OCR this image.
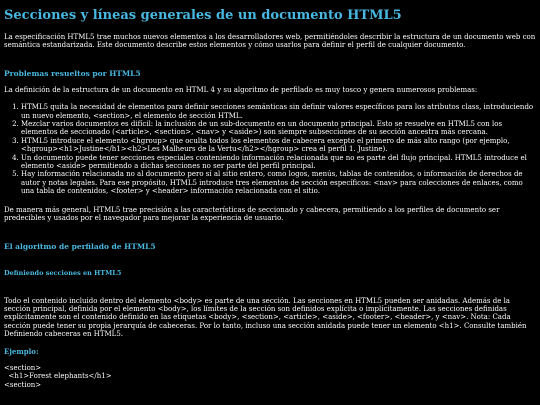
Secciones y líneas generales de un documento HTML5

La especificación HTML5 trae muchos nuevos elementos a los desarrolladores web, permitiéndoles describir la estructura de un documento web con semántica estandarizada. Este documento describe estos elementos y cómo usarlos para definir el perfil de cualquier documento.

Problemas resueltos por HTML5

La definición de la estructura de un documento en HTML 4 y su algoritmo de perfilado es muy tosco y genera numerosos problemas:

1. HTML5 quita la necesidad de elementos para definir secciones semánticas sin definir valores específicos para los atributos class, introduciendo un nuevo elemento, <section>, el elemento de sección HTML.
2. Mezclar varios documentos es difícil: la inclusión de un sub-documento en un documento principal. Esto se resuelve en HTML5 con los elementos de seccionado (<article>, <section>, <nav> y <aside>) son siempre subsecciones de su sección ancestra más cercana.
3. HTML5 introduce el elemento <hgroup> que oculta todos los elementos de cabecera excepto el primero de más alto rango (por ejemplo, <hgroup><h1>Justine</h1><h2>Les Malheurs de la Vertu</h2></hgroup> crea el perfil 1. Justine).
4. Un documento puede tener secciones especiales conteniendo información relacionada que no es parte del flujo principal. HTML5 introduce el elemento <aside> permitiendo a dichas secciones no ser parte del perfil principal.
5. Hay información relacionada no al documento pero sí al sitio entero, como logos, menús, tablas de contenidos, o información de derechos de autor y notas legales. Para ese propósito, HTML5 introduce tres elementos de sección específicos: <nav> para colecciones de enlaces, como una tabla de contenidos, <footer> y <header> información relacionada con el sitio.

De manera más general, HTML5 trae precisión a las características de seccionado y cabecera, permitiendo a los perfiles de documento ser predecibles y usados por el navegador para mejorar la experiencia de usuario.

El algoritmo de perfilado de HTML5
Definiendo secciones en HTML5

Todo el contenido incluido dentro del elemento <body> es parte de una sección. Las secciones en HTML5 pueden ser anidadas. Además de la sección principal, definida por el elemento <body>, los límites de la sección son definidos explícita o implícitamente. Las secciones definidas explícitamente son el contenido definido en las etiquetas <body>, <section>, <article>, <aside>, <footer>, <header>, y <nav>. Nota: Cada sección puede tener su propia jerarquía de cabeceras. Por lo tanto, incluso una sección anidada puede tener un elemento <h1>. Consulte también Definiendo cabeceras en HTML5.

Ejemplo:
<section>
<h1>Forest elephants</h1>
<section>
